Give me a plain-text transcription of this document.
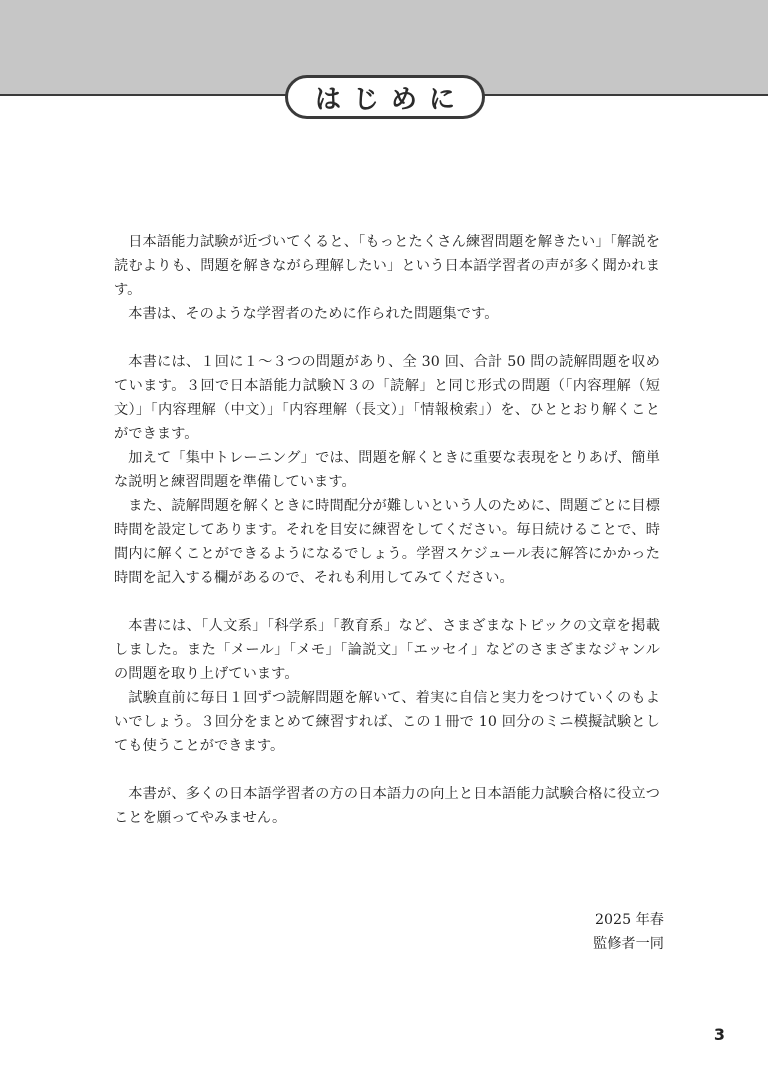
はじめに

日本語能力試験が近づいてくると、「もっとたくさん練習問題を解きたい」「解説を読むよりも、問題を解きながら理解したい」という日本語学習者の声が多く聞かれます。

本書は、そのような学習者のために作られた問題集です。

本書には、１回に１～３つの問題があり、全 30 回、合計 50 問の読解問題を収めています。３回で日本語能力試験Ｎ３の「読解」と同じ形式の問題（「内容理解（短文）」「内容理解（中文）」「内容理解（長文）」「情報検索」）を、ひととおり解くことができます。

加えて「集中トレーニング」では、問題を解くときに重要な表現をとりあげ、簡単な説明と練習問題を準備しています。

また、読解問題を解くときに時間配分が難しいという人のために、問題ごとに目標時間を設定してあります。それを目安に練習をしてください。毎日続けることで、時間内に解くことができるようになるでしょう。学習スケジュール表に解答にかかった時間を記入する欄があるので、それも利用してみてください。

本書には、「人文系」「科学系」「教育系」など、さまざまなトピックの文章を掲載しました。また「メール」「メモ」「論説文」「エッセイ」などのさまざまなジャンルの問題を取り上げています。

試験直前に毎日１回ずつ読解問題を解いて、着実に自信と実力をつけていくのもよいでしょう。３回分をまとめて練習すれば、この１冊で 10 回分のミニ模擬試験としても使うことができます。

本書が、多くの日本語学習者の方の日本語力の向上と日本語能力試験合格に役立つことを願ってやみません。

2025 年春
監修者一同
3
